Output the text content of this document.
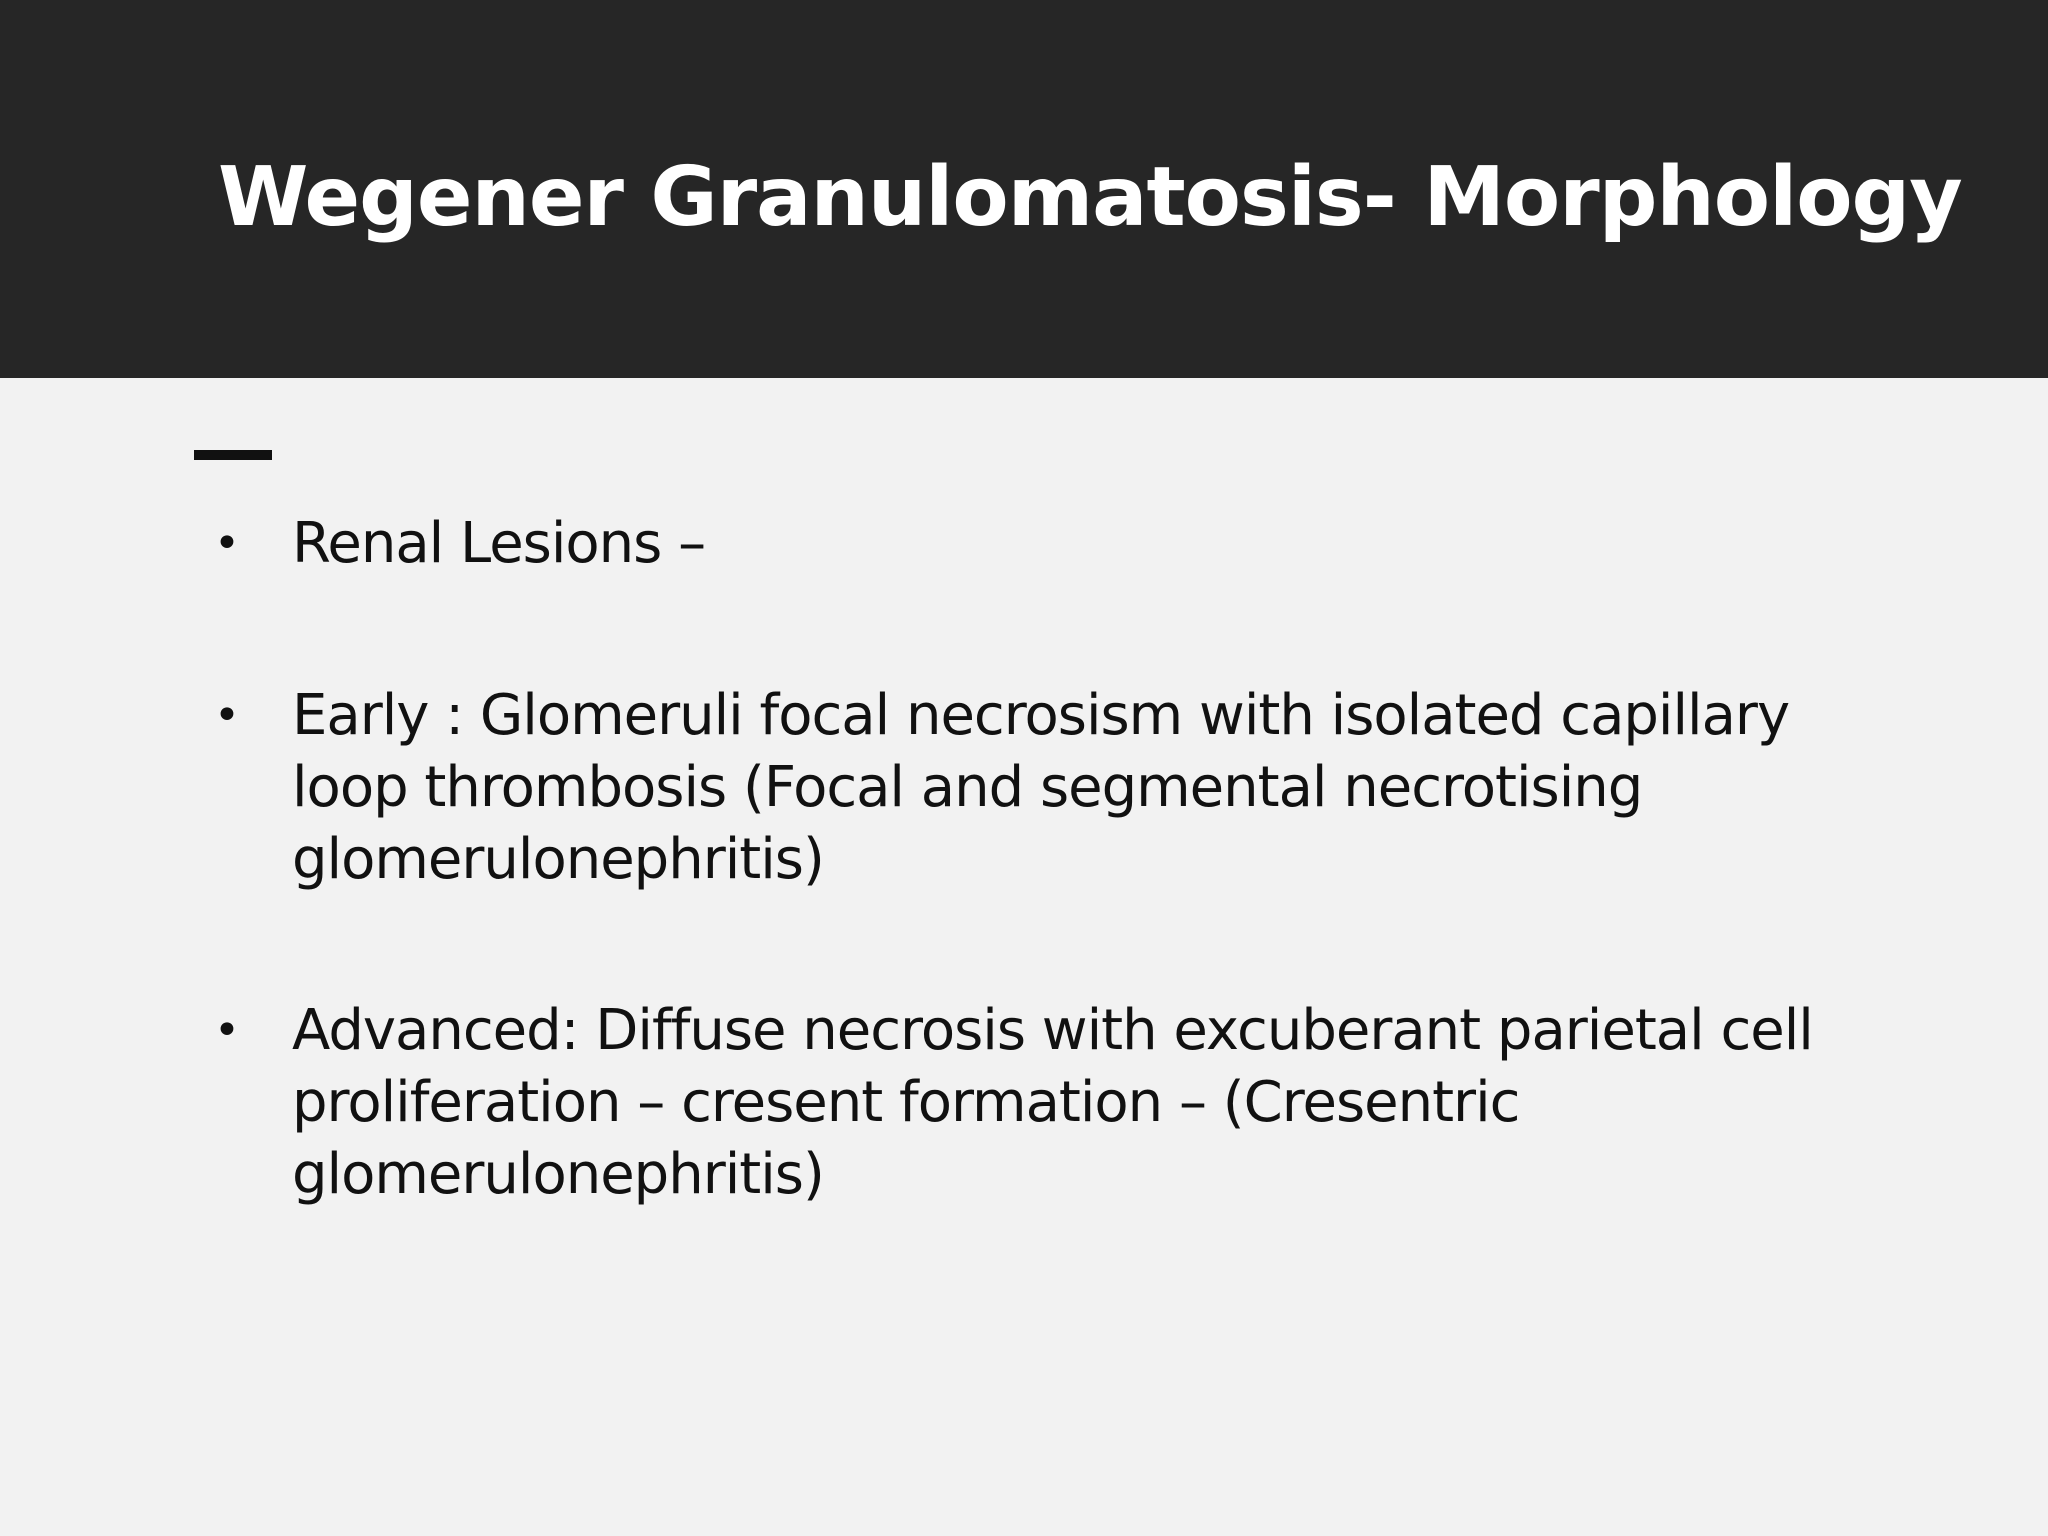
Wegener Granulomatosis- Morphology
• Renal Lesions –
• Early : Glomeruli focal necrosism with isolated capillary loop thrombosis (Focal and segmental necrotising glomerulonephritis)
• Advanced: Diffuse necrosis with excuberant parietal cell proliferation – cresent formation – (Cresentric glomerulonephritis)
